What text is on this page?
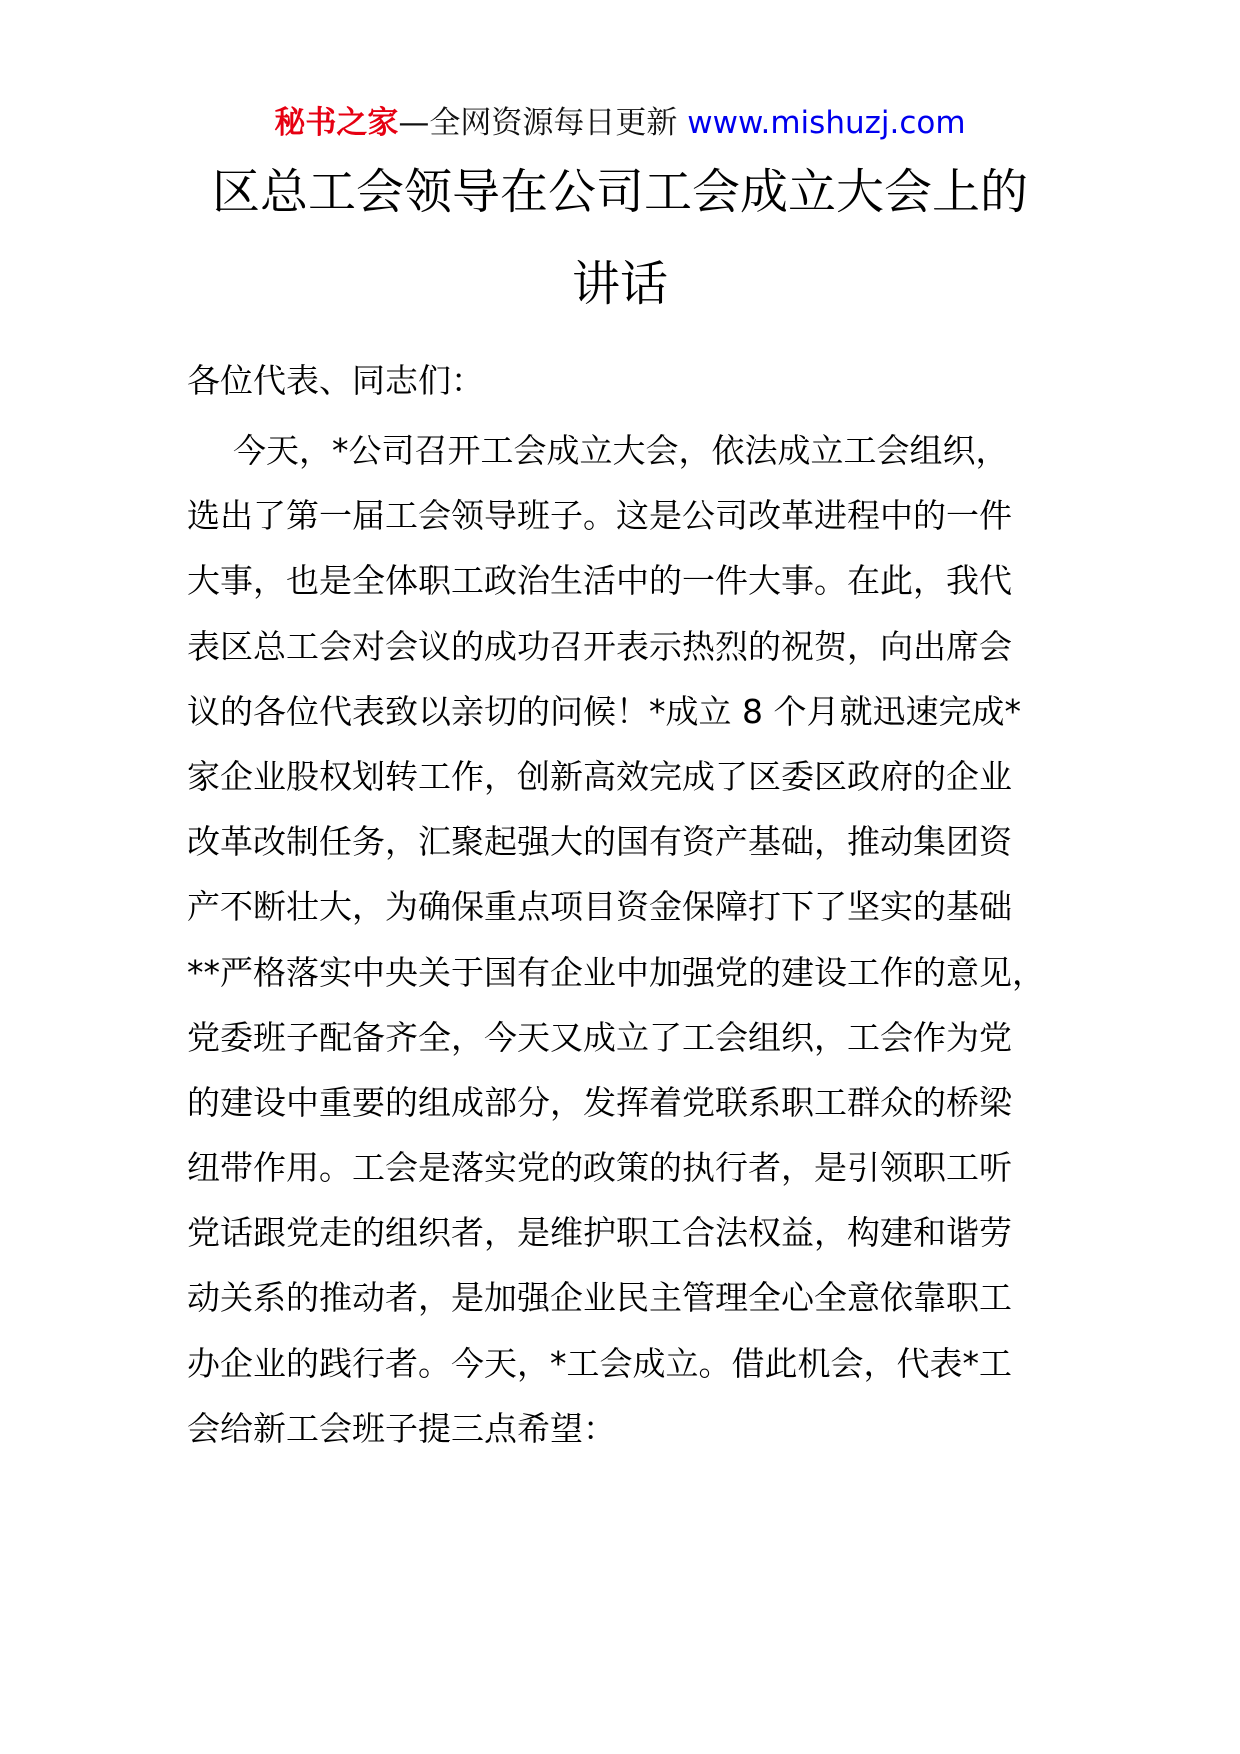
秘书之家—全网资源每日更新 www.mishuzj.com
区总工会领导在公司工会成立大会上的
讲话
各位代表、同志们：
今天，*公司召开工会成立大会，依法成立工会组织，
选出了第一届工会领导班子。这是公司改革进程中的一件
大事，也是全体职工政治生活中的一件大事。在此，我代
表区总工会对会议的成功召开表示热烈的祝贺，向出席会
议的各位代表致以亲切的问候！*成立 8 个月就迅速完成*
家企业股权划转工作，创新高效完成了区委区政府的企业
改革改制任务，汇聚起强大的国有资产基础，推动集团资
产不断壮大，为确保重点项目资金保障打下了坚实的基础
**严格落实中央关于国有企业中加强党的建设工作的意见，
党委班子配备齐全，今天又成立了工会组织，工会作为党
的建设中重要的组成部分，发挥着党联系职工群众的桥梁
纽带作用。工会是落实党的政策的执行者，是引领职工听
党话跟党走的组织者，是维护职工合法权益，构建和谐劳
动关系的推动者，是加强企业民主管理全心全意依靠职工
办企业的践行者。今天，*工会成立。借此机会，代表*工
会给新工会班子提三点希望：
